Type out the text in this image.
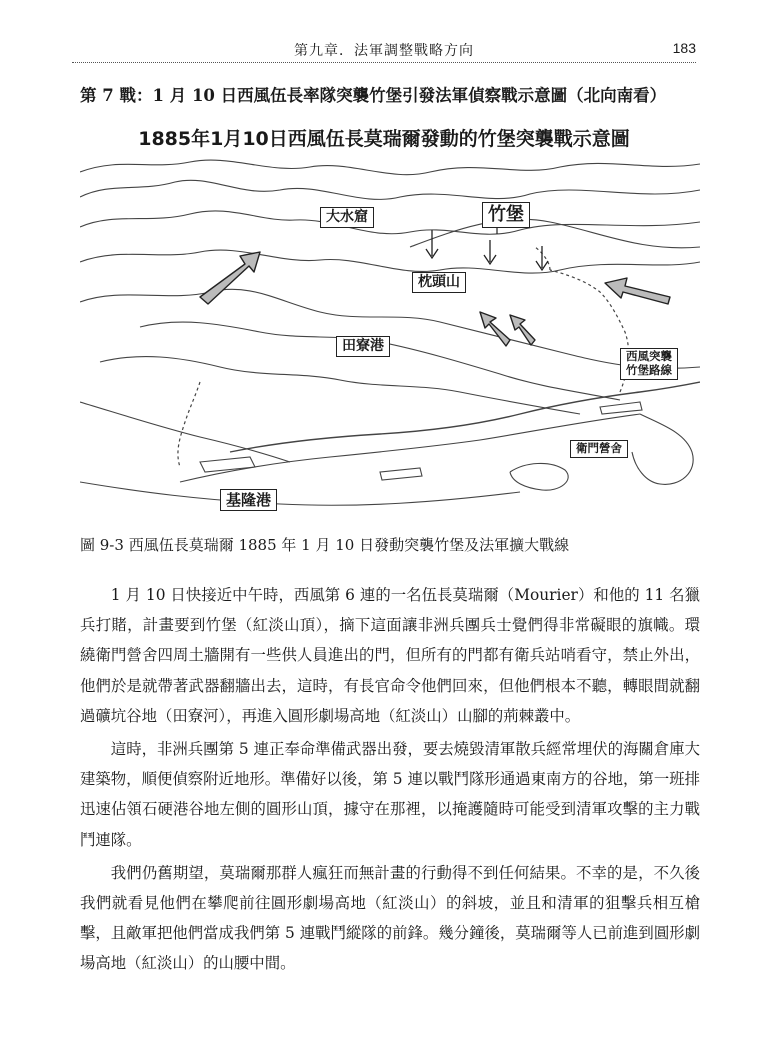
第九章．法軍調整戰略方向	183
第 7 戰：1 月 10 日西風伍長率隊突襲竹堡引發法軍偵察戰示意圖（北向南看）
1885年1月10日西風伍長莫瑞爾發動的竹堡突襲戰示意圖
大水窟	竹堡
枕頭山
田寮港
西風突襲
竹堡路線
衛門營舍
基隆港
圖 9-3 西風伍長莫瑞爾 1885 年 1 月 10 日發動突襲竹堡及法軍擴大戰線

1 月 10 日快接近中午時，西風第 6 連的一名伍長莫瑞爾（Mourier）和他的 11 名獵兵打賭，計畫要到竹堡（紅淡山頂），摘下這面讓非洲兵團兵士覺們得非常礙眼的旗幟。環繞衛門營舍四周土牆開有一些供人員進出的門，但所有的門都有衛兵站哨看守，禁止外出，他們於是就帶著武器翻牆出去，這時，有長官命令他們回來，但他們根本不聽，轉眼間就翻過礦坑谷地（田寮河），再進入圓形劇場高地（紅淡山）山腳的荊棘叢中。

這時，非洲兵團第 5 連正奉命準備武器出發，要去燒毀清軍散兵經常埋伏的海關倉庫大建築物，順便偵察附近地形。準備好以後，第 5 連以戰鬥隊形通過東南方的谷地，第一班排迅速佔領石硬港谷地左側的圓形山頂，據守在那裡，以掩護隨時可能受到清軍攻擊的主力戰鬥連隊。

我們仍舊期望，莫瑞爾那群人瘋狂而無計畫的行動得不到任何結果。不幸的是，不久後我們就看見他們在攀爬前往圓形劇場高地（紅淡山）的斜坡，並且和清軍的狙擊兵相互槍擊，且敵軍把他們當成我們第 5 連戰鬥縱隊的前鋒。幾分鐘後，莫瑞爾等人已前進到圓形劇場高地（紅淡山）的山腰中間。
